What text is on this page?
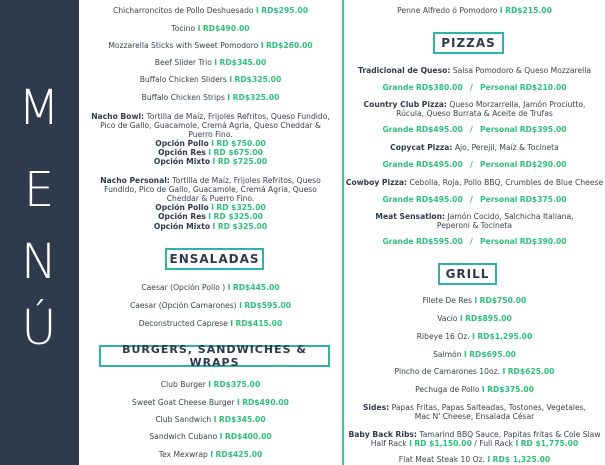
M
E
N
Ú
Chicharroncitos de Pollo Deshuesado I RD$295.00
Tocino I RD$490.00
Mozzarella Sticks with Sweet Pomodoro I RD$260.00
Beef Slider Trio I RD$345.00
Buffalo Chicken Sliders I RD$325.00
Buffalo Chicken Strips I RD$325.00
Nacho Bowl: Tortilla de Maíz, Frijoles Refritos, Queso Fundido,
Pico de Gallo, Guacamole, Cremá Agria, Queso Cheddar &
Puerro Fino.
Opción Pollo I RD $750.00
Opción Res I RD $675.00
Opción Mixto I RD $725.00
Nacho Personal: Tortilla de Maíz, Frijoles Refritos, Queso
Fundido, Pico de Gallo, Guacamole, Cremá Agria, Queso
Cheddar & Puerro Fino.
Opción Pollo I RD $325.00
Opción Res I RD $325.00
Opción Mixto I RD $325.00
ENSALADAS
Caesar (Opción Pollo ) I RD$445.00
Caesar (Opción Camarones) I RD$595.00
Deconstructed Caprese I RD$415.00
BURGERS, SANDWICHES & WRAPS
Club Burger I RD$375.00
Sweet Goat Cheese Burger I RD$490.00
Club Sandwich I RD$345.00
Sandwich Cubano I RD$400.00
Tex Mexwrap I RD$425.00
Penne Alfredo ó Pomodoro I RD$215.00
PIZZAS
Tradicional de Queso: Salsa Pomodoro & Queso Mozzarella
Grande RD$380.00 / Personal RD$210.00
Country Club Pizza: Queso Morzarrella, Jamón Prociutto,
Rúcula, Queso Burrata & Aceite de Trufas
Grande RD$495.00 / Personal RD$395.00
Copycat Pizza: Ajo, Perejil, Maíz & Tocineta
Grande RD$495.00 / Personal RD$290.00
Cowboy Pizza: Cebolla, Roja, Pollo BBQ, Crumbles de Blue Cheese
Grande RD$495.00 / Personal RD$375.00
Meat Sensation: Jamón Cocido, Salchicha Italiana,
Peperoni & Tocineta
Grande RD$595.00 / Personal RD$390.00
GRILL
Filete De Res I RD$750.00
Vacío I RD$895.00
Ribeye 16 Oz. I RD$1,295.00
Salmón I RD$695.00
Pincho de Camarones 10oz. I RD$625.00
Pechuga de Pollo I RD$375.00
Sides: Papas Fritas, Papas Salteadas, Tostones, Vegetales,
Mac N' Cheese, Ensalada César
Baby Back Ribs: Tamarind BBQ Sauce, Papitas fritas & Cole Slaw
Half Rack I RD $1,150.00 / Full Rack I RD $1,775.00
Flat Meat Steak 10 Oz. I RD$ 1,325.00
